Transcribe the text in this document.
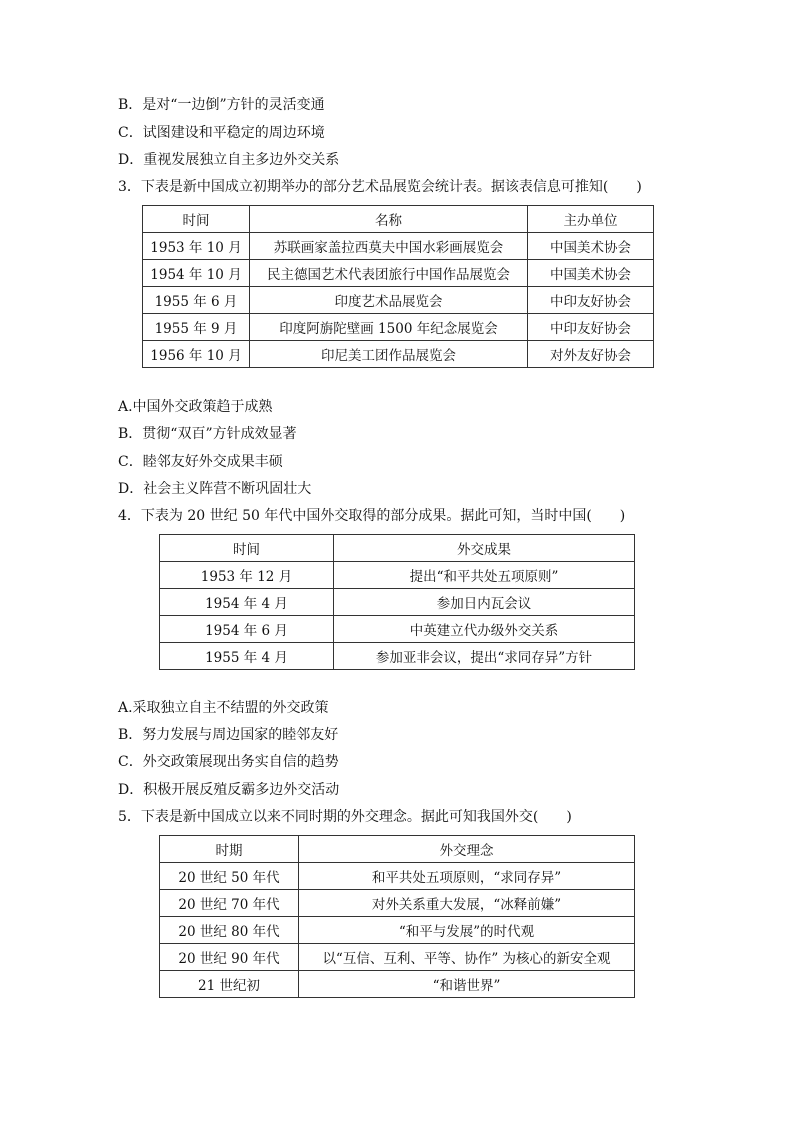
B．是对“一边倒”方针的灵活变通
C．试图建设和平稳定的周边环境
D．重视发展独立自主多边外交关系
3．下表是新中国成立初期举办的部分艺术品展览会统计表。据该表信息可推知(　　)
时间	名称	主办单位
1953 年 10 月	苏联画家盖拉西莫夫中国水彩画展览会	中国美术协会
1954 年 10 月	民主德国艺术代表团旅行中国作品展览会	中国美术协会
1955 年 6 月	印度艺术品展览会	中印友好协会
1955 年 9 月	印度阿旃陀壁画 1500 年纪念展览会	中印友好协会
1956 年 10 月	印尼美工团作品展览会	对外友好协会
A.中国外交政策趋于成熟
B．贯彻“双百”方针成效显著
C．睦邻友好外交成果丰硕
D．社会主义阵营不断巩固壮大
4．下表为 20 世纪 50 年代中国外交取得的部分成果。据此可知，当时中国(　　)
时间	外交成果
1953 年 12 月	提出“和平共处五项原则”
1954 年 4 月	参加日内瓦会议
1954 年 6 月	中英建立代办级外交关系
1955 年 4 月	参加亚非会议，提出“求同存异”方针
A.采取独立自主不结盟的外交政策
B．努力发展与周边国家的睦邻友好
C．外交政策展现出务实自信的趋势
D．积极开展反殖反霸多边外交活动
5．下表是新中国成立以来不同时期的外交理念。据此可知我国外交(　　)
时期	外交理念
20 世纪 50 年代	和平共处五项原则，“求同存异”
20 世纪 70 年代	对外关系重大发展，“冰释前嫌”
20 世纪 80 年代	“和平与发展”的时代观
20 世纪 90 年代	以“互信、互利、平等、协作” 为核心的新安全观
21 世纪初	“和谐世界”
